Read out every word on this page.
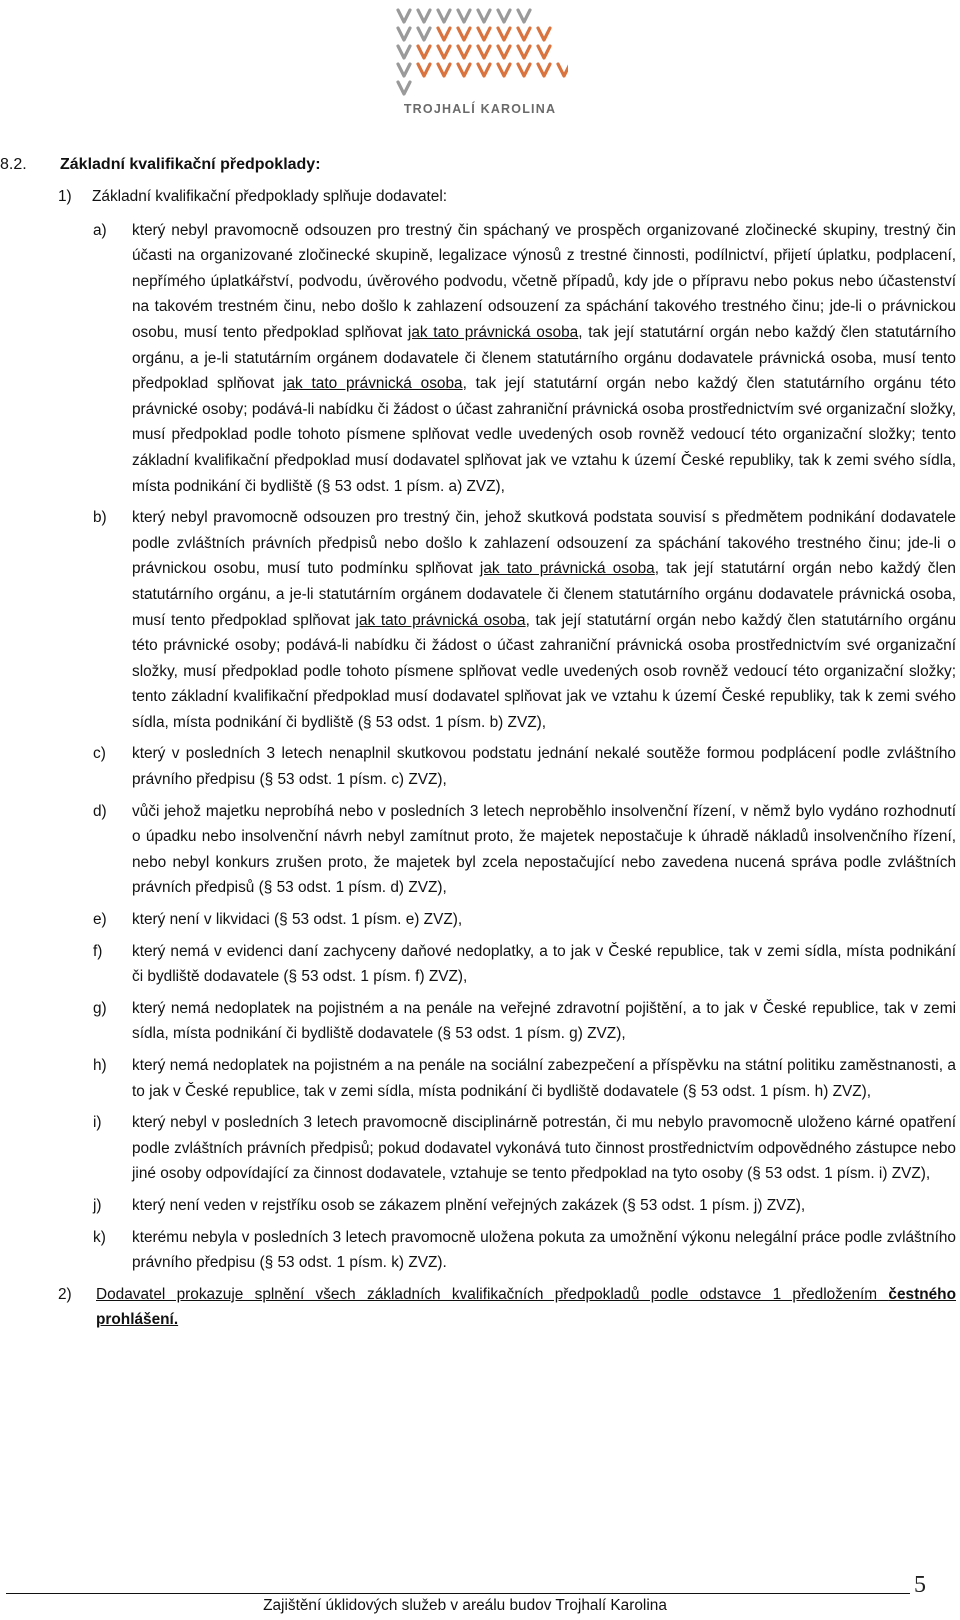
TROJHALÍ KAROLINA
8.2. Základní kvalifikační předpoklady:
1) Základní kvalifikační předpoklady splňuje dodavatel:
a) který nebyl pravomocně odsouzen pro trestný čin spáchaný ve prospěch organizované zločinecké skupiny, trestný čin účasti na organizované zločinecké skupině, legalizace výnosů z trestné činnosti, podílnictví, přijetí úplatku, podplacení, nepřímého úplatkářství, podvodu, úvěrového podvodu, včetně případů, kdy jde o přípravu nebo pokus nebo účastenství na takovém trestném činu, nebo došlo k zahlazení odsouzení za spáchání takového trestného činu; jde-li o právnickou osobu, musí tento předpoklad splňovat jak tato právnická osoba, tak její statutární orgán nebo každý člen statutárního orgánu, a je-li statutárním orgánem dodavatele či členem statutárního orgánu dodavatele právnická osoba, musí tento předpoklad splňovat jak tato právnická osoba, tak její statutární orgán nebo každý člen statutárního orgánu této právnické osoby; podává-li nabídku či žádost o účast zahraniční právnická osoba prostřednictvím své organizační složky, musí předpoklad podle tohoto písmene splňovat vedle uvedených osob rovněž vedoucí této organizační složky; tento základní kvalifikační předpoklad musí dodavatel splňovat jak ve vztahu k území České republiky, tak k zemi svého sídla, místa podnikání či bydliště (§ 53 odst. 1 písm. a) ZVZ),
b) který nebyl pravomocně odsouzen pro trestný čin, jehož skutková podstata souvisí s předmětem podnikání dodavatele podle zvláštních právních předpisů nebo došlo k zahlazení odsouzení za spáchání takového trestného činu; jde-li o právnickou osobu, musí tuto podmínku splňovat jak tato právnická osoba, tak její statutární orgán nebo každý člen statutárního orgánu, a je-li statutárním orgánem dodavatele či členem statutárního orgánu dodavatele právnická osoba, musí tento předpoklad splňovat jak tato právnická osoba, tak její statutární orgán nebo každý člen statutárního orgánu této právnické osoby; podává-li nabídku či žádost o účast zahraniční právnická osoba prostřednictvím své organizační složky, musí předpoklad podle tohoto písmene splňovat vedle uvedených osob rovněž vedoucí této organizační složky; tento základní kvalifikační předpoklad musí dodavatel splňovat jak ve vztahu k území České republiky, tak k zemi svého sídla, místa podnikání či bydliště (§ 53 odst. 1 písm. b) ZVZ),
c) který v posledních 3 letech nenaplnil skutkovou podstatu jednání nekalé soutěže formou podplácení podle zvláštního právního předpisu (§ 53 odst. 1 písm. c) ZVZ),
d) vůči jehož majetku neprobíhá nebo v posledních 3 letech neproběhlo insolvenční řízení, v němž bylo vydáno rozhodnutí o úpadku nebo insolvenční návrh nebyl zamítnut proto, že majetek nepostačuje k úhradě nákladů insolvenčního řízení, nebo nebyl konkurs zrušen proto, že majetek byl zcela nepostačující nebo zavedena nucená správa podle zvláštních právních předpisů (§ 53 odst. 1 písm. d) ZVZ),
e) který není v likvidaci (§ 53 odst. 1 písm. e) ZVZ),
f) který nemá v evidenci daní zachyceny daňové nedoplatky, a to jak v České republice, tak v zemi sídla, místa podnikání či bydliště dodavatele (§ 53 odst. 1 písm. f) ZVZ),
g) který nemá nedoplatek na pojistném a na penále na veřejné zdravotní pojištění, a to jak v České republice, tak v zemi sídla, místa podnikání či bydliště dodavatele (§ 53 odst. 1 písm. g) ZVZ),
h) který nemá nedoplatek na pojistném a na penále na sociální zabezpečení a příspěvku na státní politiku zaměstnanosti, a to jak v České republice, tak v zemi sídla, místa podnikání či bydliště dodavatele (§ 53 odst. 1 písm. h) ZVZ),
i) který nebyl v posledních 3 letech pravomocně disciplinárně potrestán, či mu nebylo pravomocně uloženo kárné opatření podle zvláštních právních předpisů; pokud dodavatel vykonává tuto činnost prostřednictvím odpovědného zástupce nebo jiné osoby odpovídající za činnost dodavatele, vztahuje se tento předpoklad na tyto osoby (§ 53 odst. 1 písm. i) ZVZ),
j) který není veden v rejstříku osob se zákazem plnění veřejných zakázek (§ 53 odst. 1 písm. j) ZVZ),
k) kterému nebyla v posledních 3 letech pravomocně uložena pokuta za umožnění výkonu nelegální práce podle zvláštního právního předpisu (§ 53 odst. 1 písm. k) ZVZ).
2) Dodavatel prokazuje splnění všech základních kvalifikačních předpokladů podle odstavce 1 předložením čestného prohlášení.
5
Zajištění úklidových služeb v areálu budov Trojhalí Karolina
